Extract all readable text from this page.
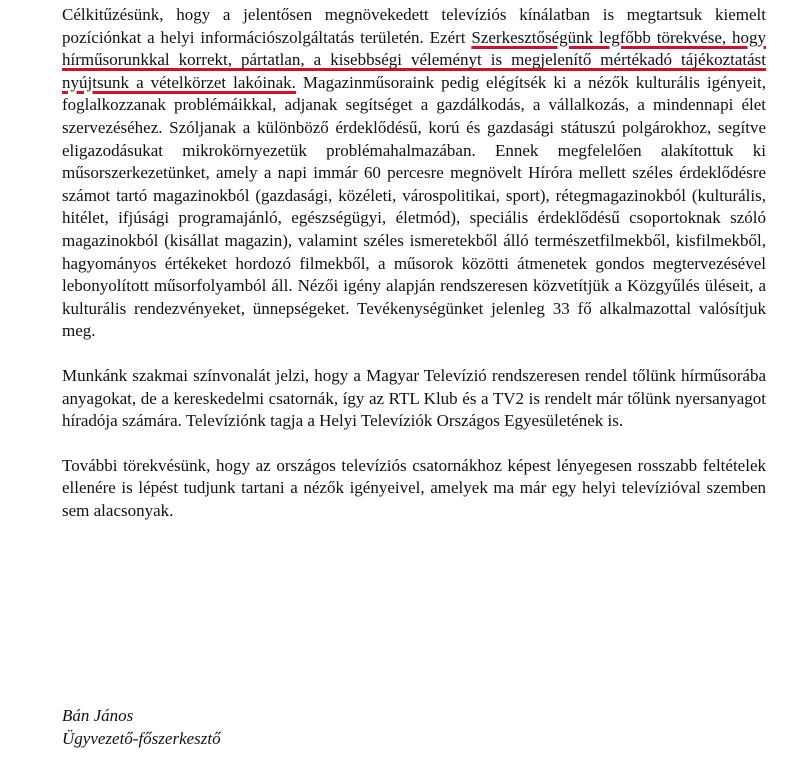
Célkitűzésünk, hogy a jelentősen megnövekedett televíziós kínálatban is megtartsuk kiemelt pozíciónkat a helyi információszolgáltatás területén. Ezért Szerkesztőségünk legfőbb törekvése, hogy hírműsorunkkal korrekt, pártatlan, a kisebbségi véleményt is megjelenítő mértékadó tájékoztatást nyújtsunk a vételkörzet lakóinak. Magazinműsoraink pedig elégítsék ki a nézők kulturális igényeit, foglalkozzanak problémáikkal, adjanak segítséget a gazdálkodás, a vállalkozás, a mindennapi élet szervezéséhez. Szóljanak a különböző érdeklődésű, korú és gazdasági státuszú polgárokhoz, segítve eligazodásukat mikrokörnyezetük problémahalmazában. Ennek megfelelően alakítottuk ki műsorszerkezetünket, amely a napi immár 60 percesre megnövelt Híróra mellett széles érdeklődésre számot tartó magazinokból (gazdasági, közéleti, várospolitikai, sport), rétegmagazinokból (kulturális, hitélet, ifjúsági programajánló, egészségügyi, életmód), speciális érdeklődésű csoportoknak szóló magazinokból (kisállat magazin), valamint széles ismeretekből álló természetfilmekből, kisfilmekből, hagyományos értékeket hordozó filmekből, a műsorok közötti átmenetek gondos megtervezésével lebonyolított műsorfolyamból áll. Nézői igény alapján rendszeresen közvetítjük a Közgyűlés üléseit, a kulturális rendezvényeket, ünnepségeket. Tevékenységünket jelenleg 33 fő alkalmazottal valósítjuk meg.

Munkánk szakmai színvonalát jelzi, hogy a Magyar Televízió rendszeresen rendel tőlünk hírműsorába anyagokat, de a kereskedelmi csatornák, így az RTL Klub és a TV2 is rendelt már tőlünk nyersanyagot híradója számára. Televíziónk tagja a Helyi Televíziók Országos Egyesületének is.

További törekvésünk, hogy az országos televíziós csatornákhoz képest lényegesen rosszabb feltételek ellenére is lépést tudjunk tartani a nézők igényeivel, amelyek ma már egy helyi televízióval szemben sem alacsonyak.

Bán János
Ügyvezető-főszerkesztő
